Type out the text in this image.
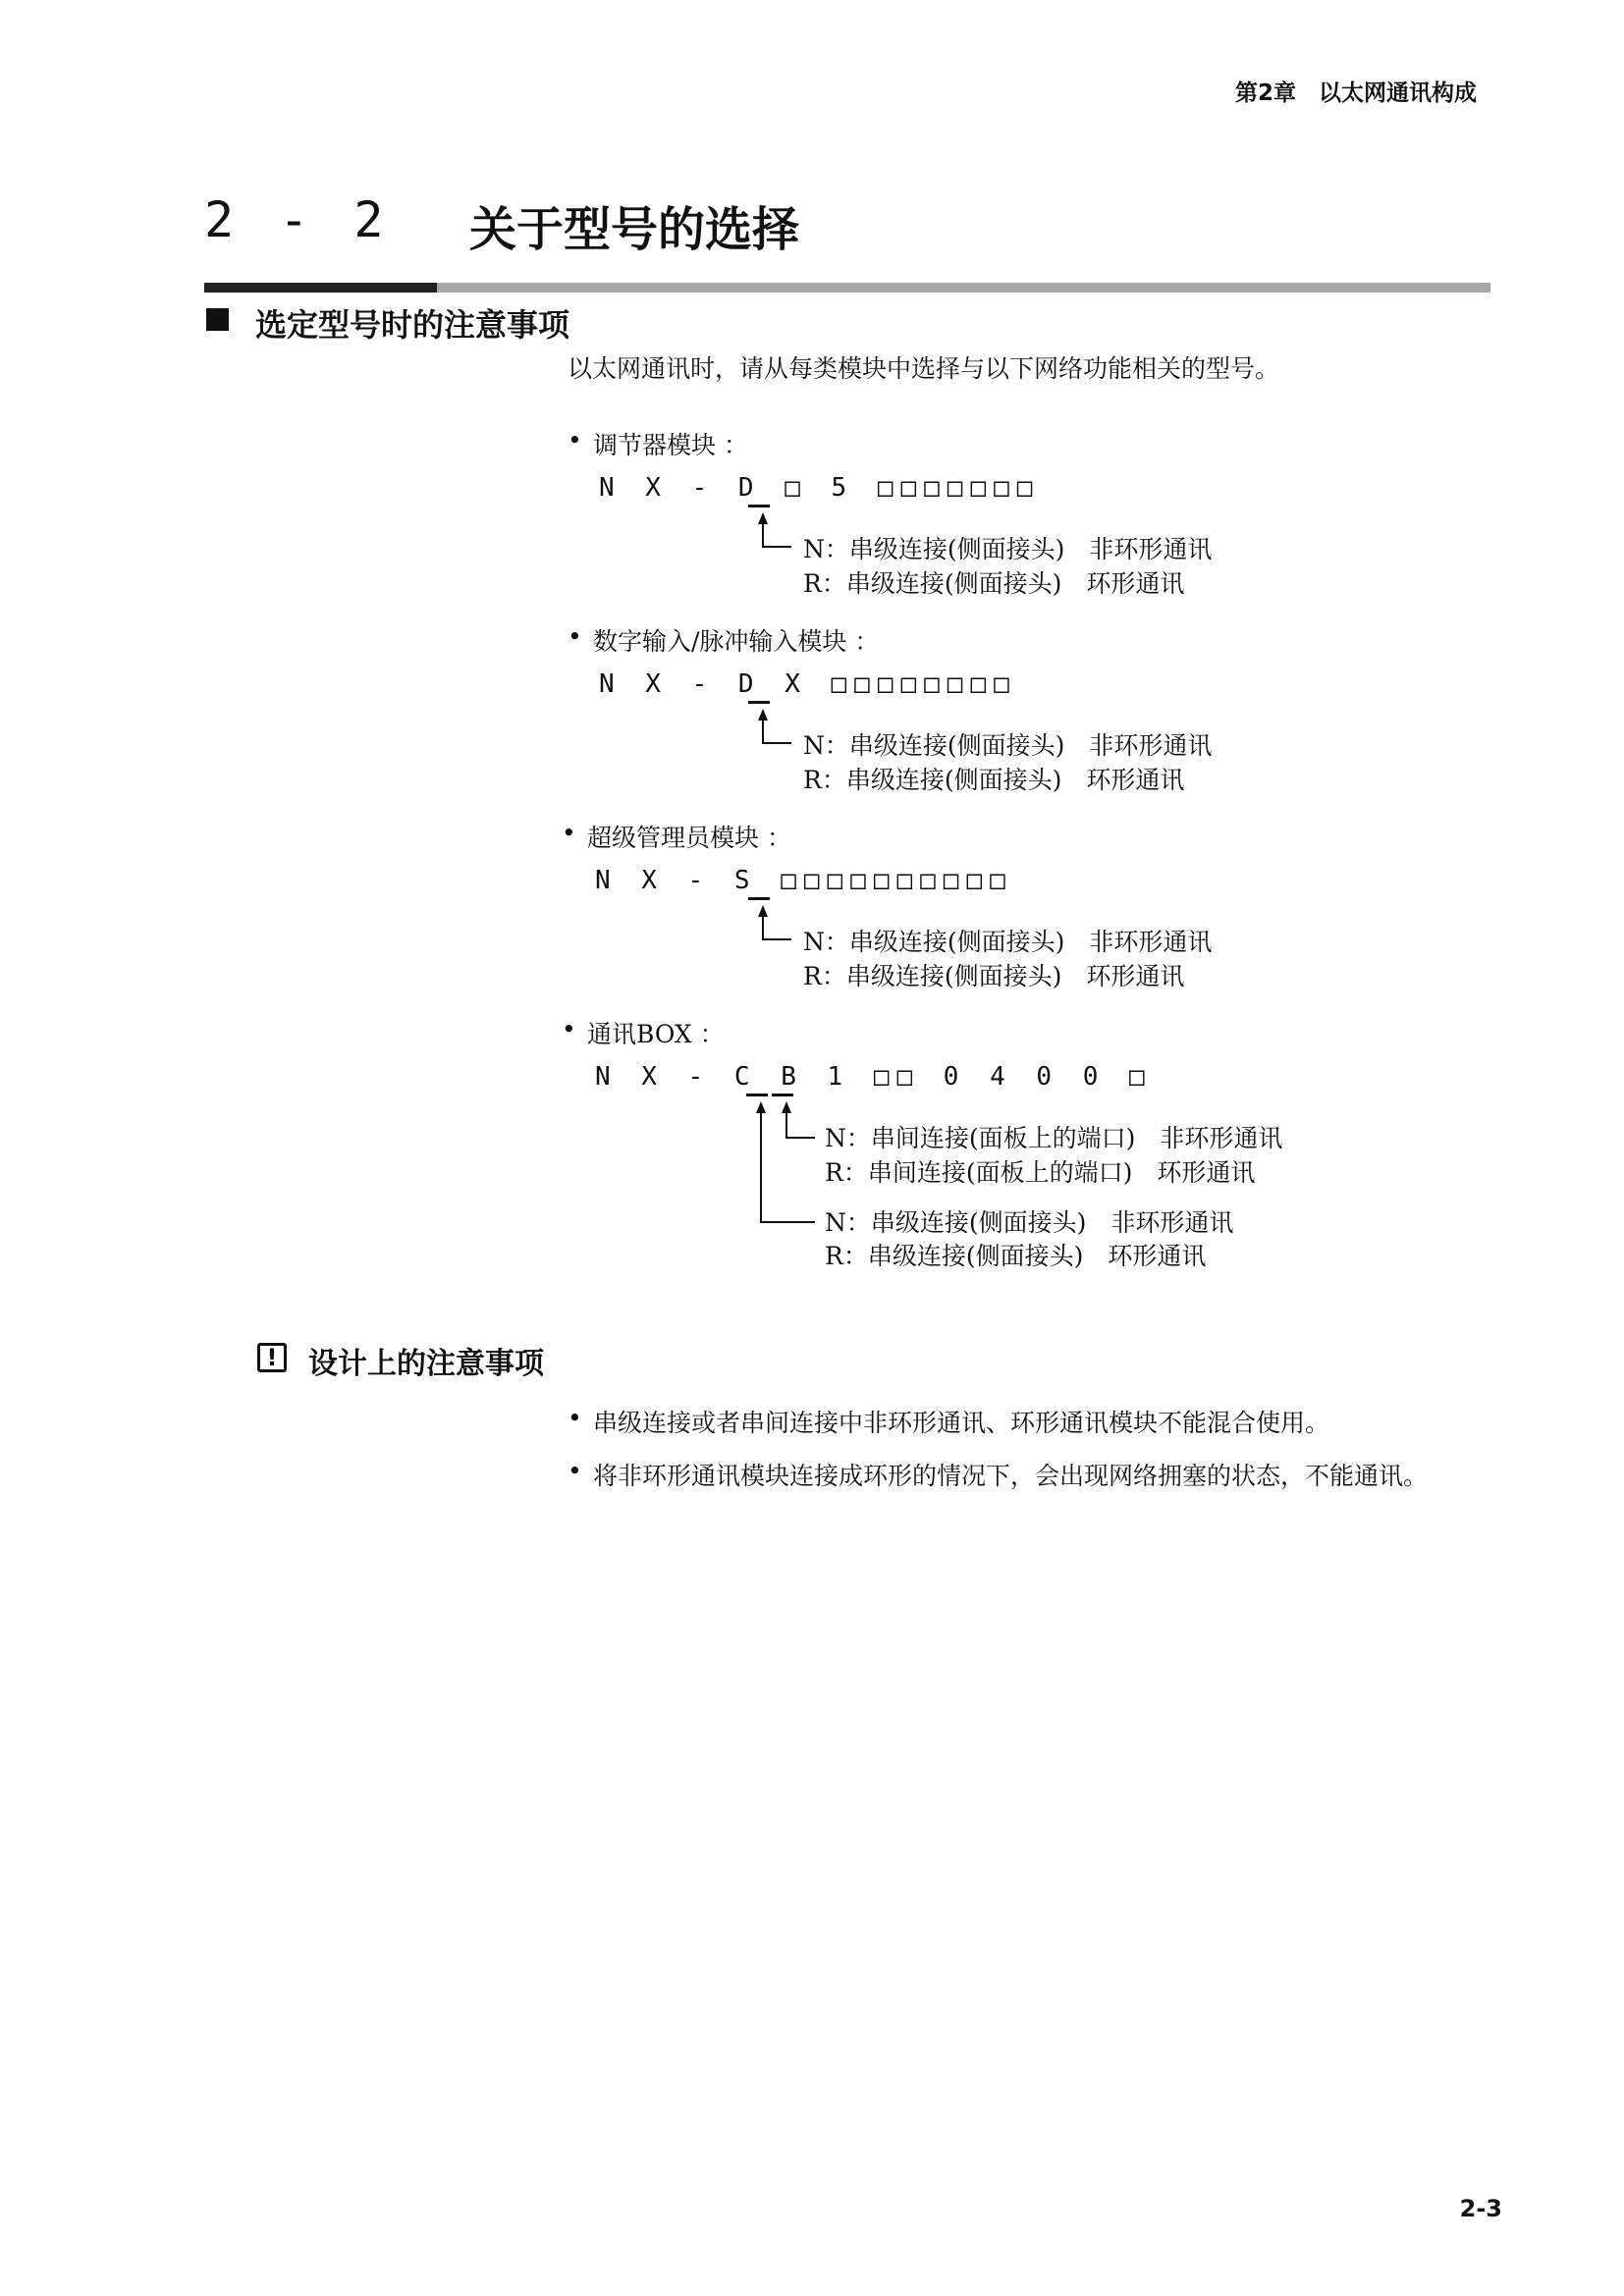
第2章　以太网通讯构成
2 - 2 关于型号的选择
选定型号时的注意事项
以太网通讯时，请从每类模块中选择与以下网络功能相关的型号。
• 调节器模块 ：
N X - D □ 5 □□□□□□□
N：串级连接(侧面接头)　非环形通讯
R：串级连接(侧面接头)　环形通讯
• 数字输入/脉冲输入模块 ：
N X - D X □□□□□□□□
N：串级连接(侧面接头)　非环形通讯
R：串级连接(侧面接头)　环形通讯
• 超级管理员模块 ：
N X - S □□□□□□□□□□
N：串级连接(侧面接头)　非环形通讯
R：串级连接(侧面接头)　环形通讯
• 通讯BOX ：
N X - C B 1 □□ 0 4 0 0 □
N：串间连接(面板上的端口)　非环形通讯
R：串间连接(面板上的端口)　环形通讯
N：串级连接(侧面接头)　非环形通讯
R：串级连接(侧面接头)　环形通讯
!	设计上的注意事项
• 串级连接或者串间连接中非环形通讯、环形通讯模块不能混合使用。
• 将非环形通讯模块连接成环形的情况下，会出现网络拥塞的状态，不能通讯。
2-3
